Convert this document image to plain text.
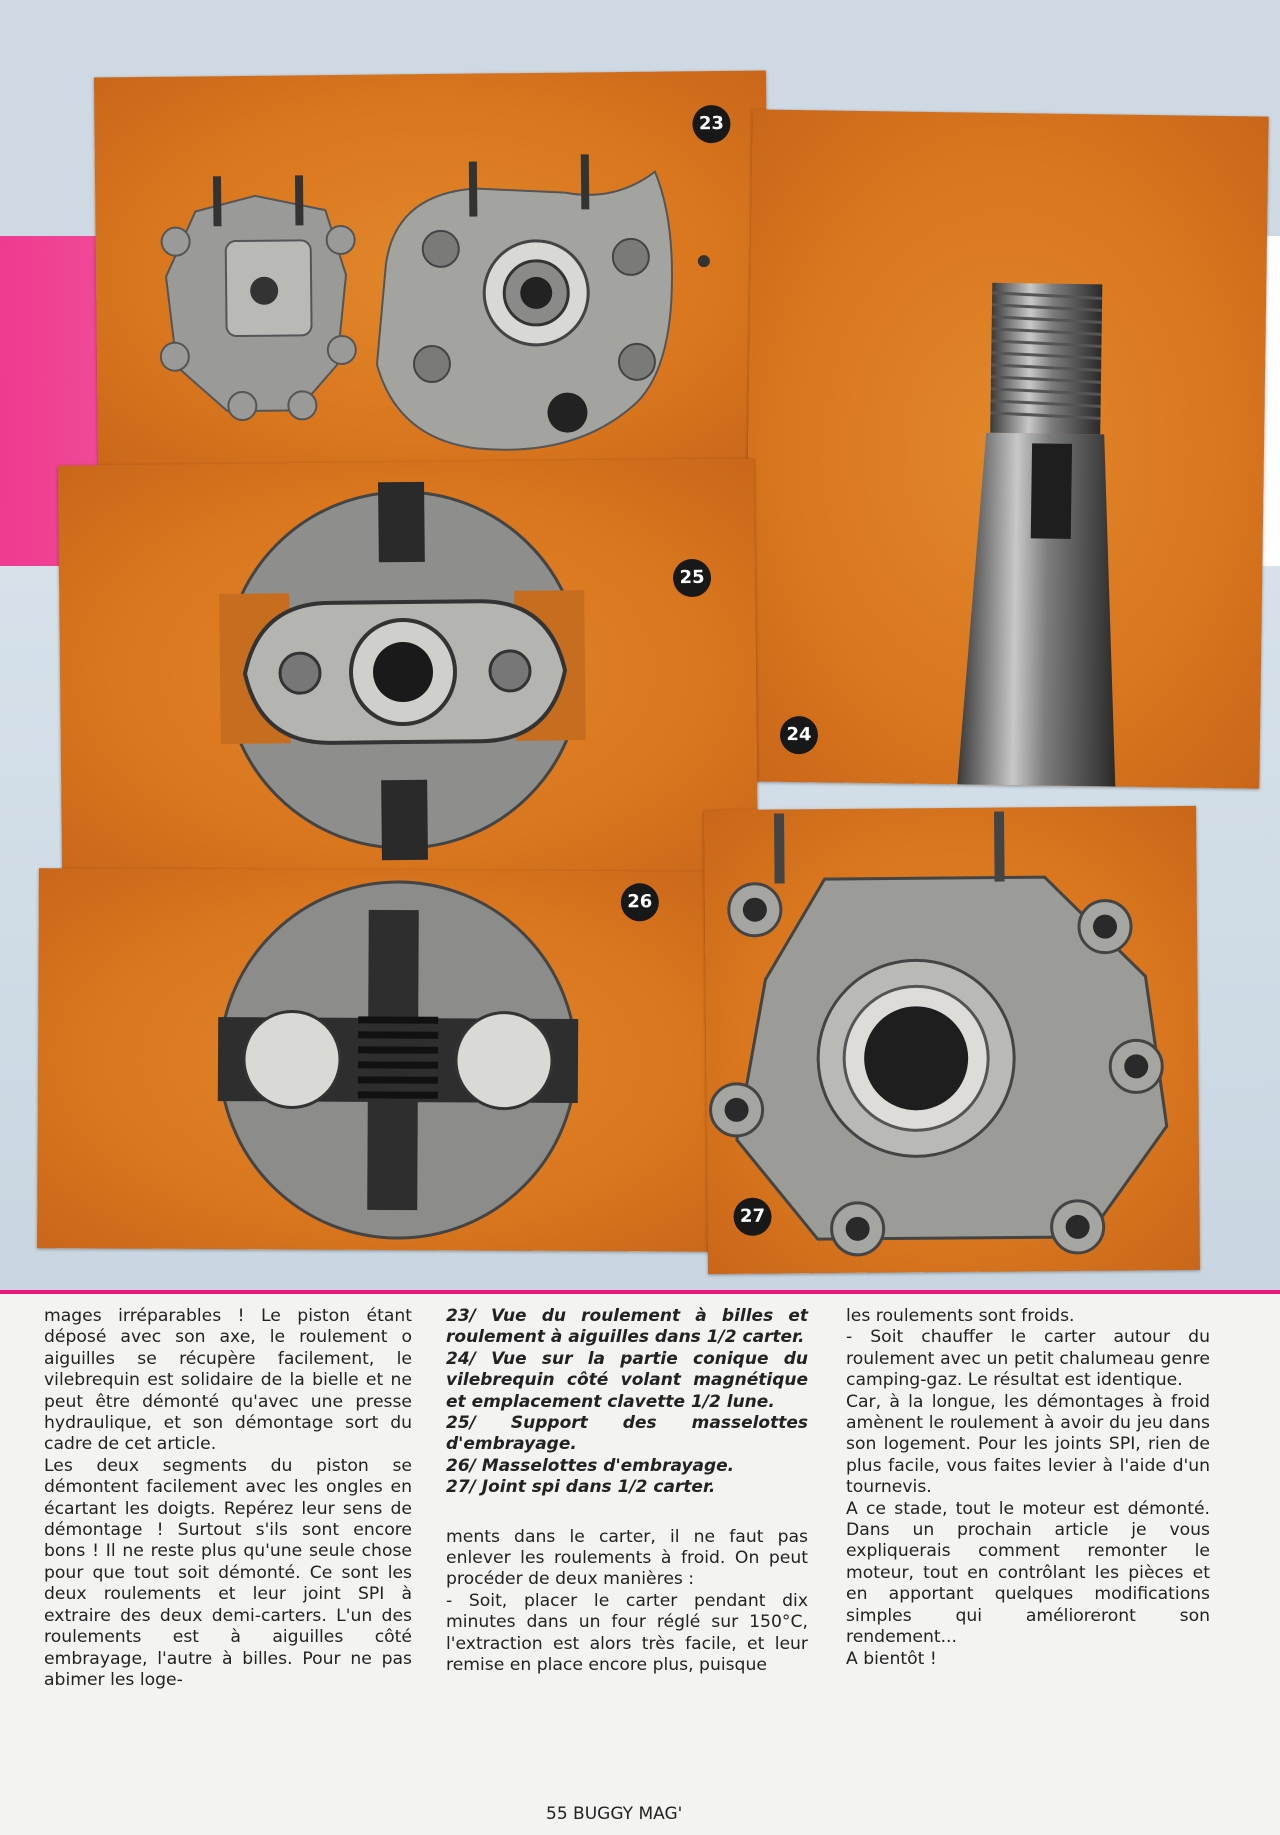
23
24
25
26
27

mages irréparables ! Le piston étant déposé avec son axe, le roulement o aiguilles se récupère facilement, le vilebrequin est solidaire de la bielle et ne peut être démonté qu'avec une presse hydraulique, et son démontage sort du cadre de cet article.

Les deux segments du piston se démontent facilement avec les ongles en écartant les doigts. Repérez leur sens de démontage ! Surtout s'ils sont encore bons ! Il ne reste plus qu'une seule chose pour que tout soit démonté. Ce sont les deux roulements et leur joint SPI à extraire des deux demi-carters. L'un des roulements est à aiguilles côté embrayage, l'autre à billes. Pour ne pas abimer les loge-

23/ Vue du roulement à billes et roulement à aiguilles dans 1/2 carter.

24/ Vue sur la partie conique du vilebrequin côté volant magnétique et emplacement clavette 1/2 lune.

25/ Support des masselottes d'embrayage.

26/ Masselottes d'embrayage.

27/ Joint spi dans 1/2 carter.

ments dans le carter, il ne faut pas enlever les roulements à froid. On peut procéder de deux manières :

- Soit, placer le carter pendant dix minutes dans un four réglé sur 150°C, l'extraction est alors très facile, et leur remise en place encore plus, puisque

les roulements sont froids.

- Soit chauffer le carter autour du roulement avec un petit chalumeau genre camping-gaz. Le résultat est identique.

Car, à la longue, les démontages à froid amènent le roulement à avoir du jeu dans son logement. Pour les joints SPI, rien de plus facile, vous faites levier à l'aide d'un tournevis.

A ce stade, tout le moteur est démonté. Dans un prochain article je vous expliquerais comment remonter le moteur, tout en contrôlant les pièces et en apportant quelques modifications simples qui amélioreront son rendement...

A bientôt !

55 BUGGY MAG'
